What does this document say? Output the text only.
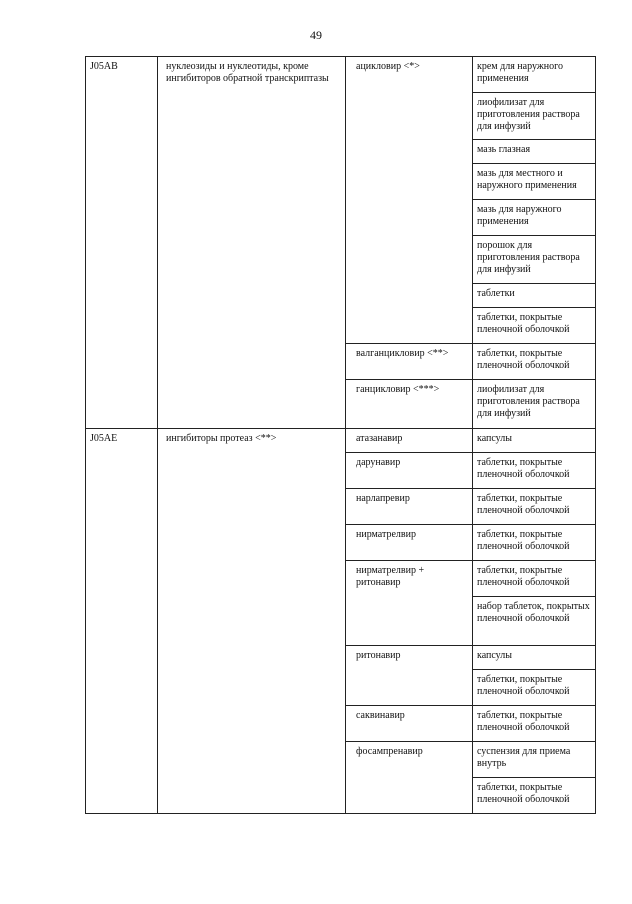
49
J05AB	нуклеозиды и нуклеотиды, кроме ингибиторов обратной транскриптазы	ацикловир <*>	крем для наружного применения

			лиофилизат для приготовления раствора для инфузий

			мазь глазная

			мазь для местного и наружного применения

			мазь для наружного применения

			порошок для приготовления раствора для инфузий

			таблетки

			таблетки, покрытые пленочной оболочкой

		валганцикловир <**>	таблетки, покрытые пленочной оболочкой

		ганцикловир <***>	лиофилизат для приготовления раствора для инфузий

J05AE	ингибиторы протеаз <**>	атазанавир	капсулы

		дарунавир	таблетки, покрытые пленочной оболочкой

		нарлапревир	таблетки, покрытые пленочной оболочкой

		нирматрелвир	таблетки, покрытые пленочной оболочкой

		нирматрелвир + ритонавир	таблетки, покрытые пленочной оболочкой

			набор таблеток, покрытых пленочной оболочкой

		ритонавир	капсулы

			таблетки, покрытые пленочной оболочкой

		саквинавир	таблетки, покрытые пленочной оболочкой

		фосампренавир	суспензия для приема внутрь

			таблетки, покрытые пленочной оболочкой
